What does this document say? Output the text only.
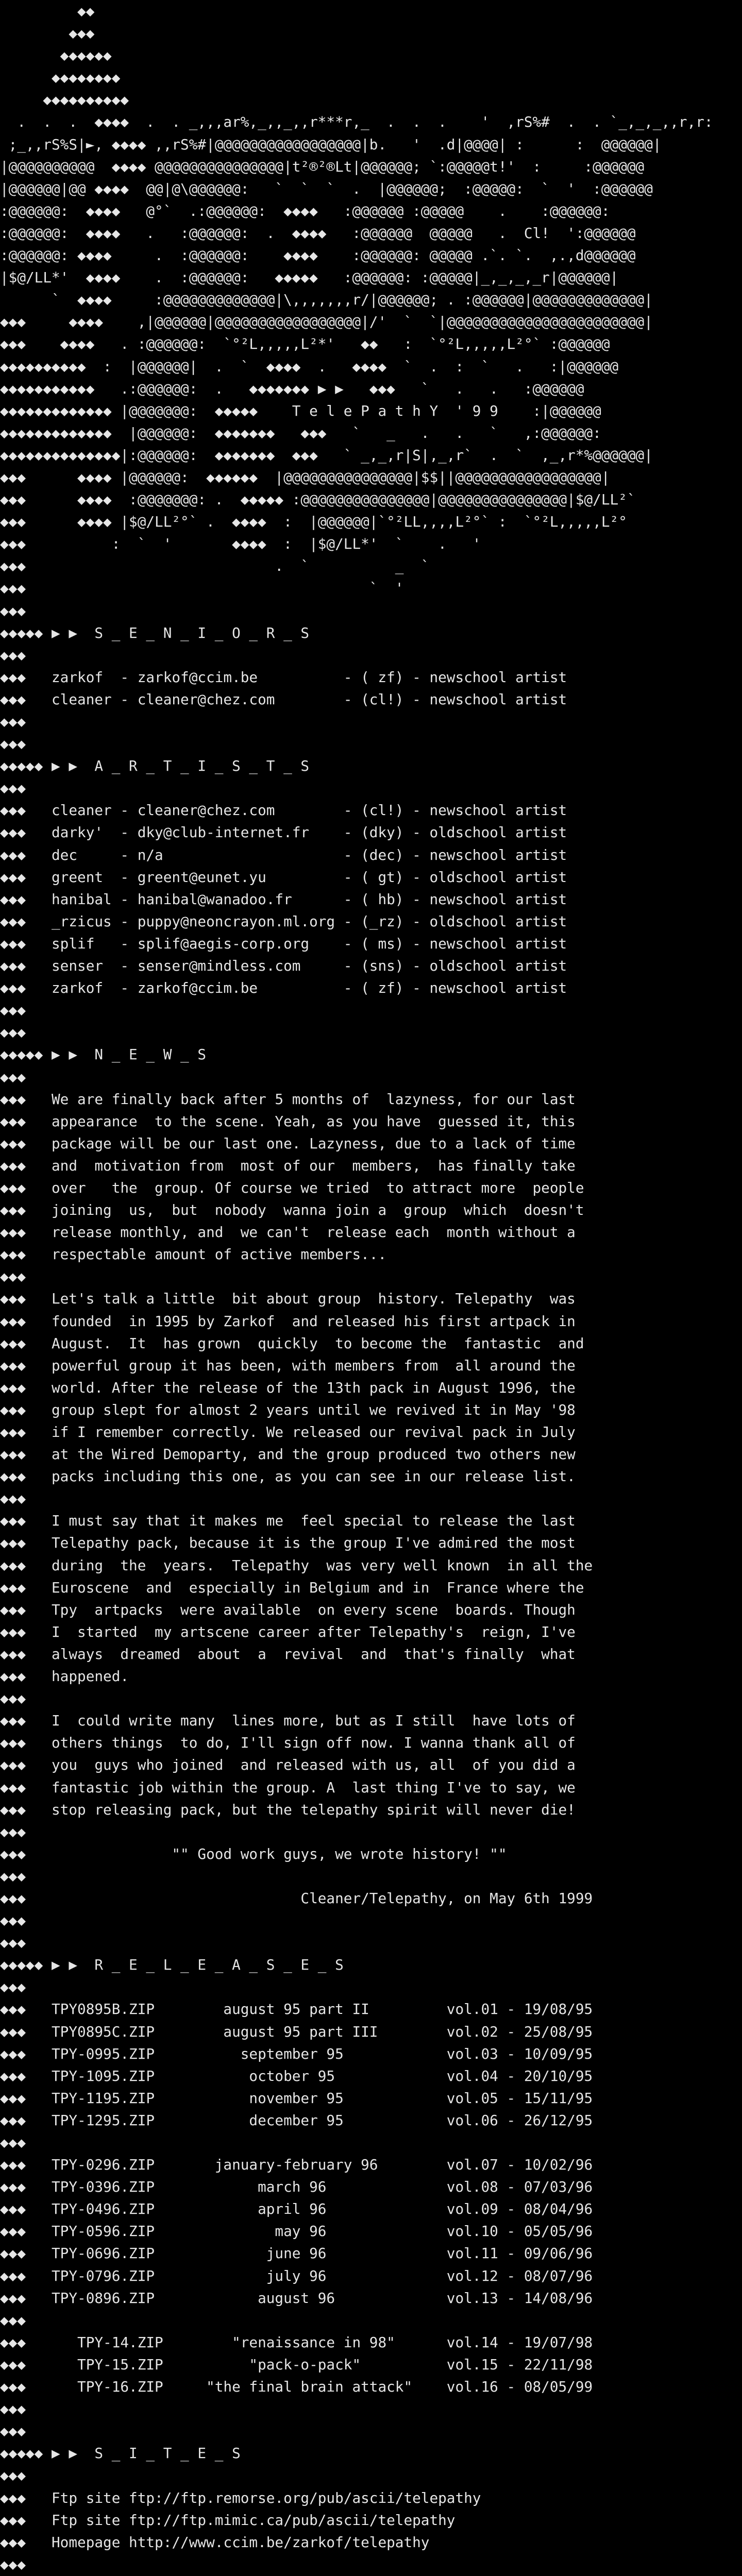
◆◆
◆◆◆
◆◆◆◆◆◆
◆◆◆◆◆◆◆◆
◆◆◆◆◆◆◆◆◆◆
.  .  .  ◆◆◆◆  .  . _,,,ar%,_,,_,,r***r,_  .  .  .    '  ,rS%#  .  . `_,_,_,,r,r:
;_,,rS%S|►, ◆◆◆◆ ,,rS%#|@@@@@@@@@@@@@@@@@|b.   '  .d|@@@@| :      :  @@@@@@|
|@@@@@@@@@@  ◆◆◆◆ @@@@@@@@@@@@@@@|t²®²®Lt|@@@@@@; `:@@@@@t!'  :     :@@@@@@
|@@@@@@|@@ ◆◆◆◆  @@|@\@@@@@@:   `  `  `  .  |@@@@@@;  :@@@@@:  `  '  :@@@@@@
:@@@@@@:  ◆◆◆◆   @°`  .:@@@@@@:  ◆◆◆◆   :@@@@@@ :@@@@@    .    :@@@@@@:
:@@@@@@:  ◆◆◆◆   .   :@@@@@@:  .  ◆◆◆◆   :@@@@@@  @@@@@   .  Cl!  ':@@@@@@
:@@@@@@: ◆◆◆◆     .  :@@@@@@:    ◆◆◆◆    :@@@@@@: @@@@@ .`. `.  ,.,d@@@@@@
|$@/LL*'  ◆◆◆◆    .  :@@@@@@:   ◆◆◆◆◆   :@@@@@@: :@@@@@|_,_,_,_r|@@@@@@|
`  ◆◆◆◆     :@@@@@@@@@@@@@|\,,,,,,,r/|@@@@@@; . :@@@@@@|@@@@@@@@@@@@@|
◆◆◆     ◆◆◆◆    ,|@@@@@@|@@@@@@@@@@@@@@@@@|/'  `  `|@@@@@@@@@@@@@@@@@@@@@@@|
◆◆◆    ◆◆◆◆   . :@@@@@@:  `°²L,,,,,L²*'   ◆◆   :  `°²L,,,,,L²°` :@@@@@@
◆◆◆◆◆◆◆◆◆◆  :  |@@@@@@|  .  `  ◆◆◆◆  .   ◆◆◆◆  `  .  :  `   .   :|@@@@@@
◆◆◆◆◆◆◆◆◆◆◆   .:@@@@@@:  .   ◆◆◆◆◆◆◆ ▶ ▶   ◆◆◆   `   .   .   :@@@@@@
◆◆◆◆◆◆◆◆◆◆◆◆◆ |@@@@@@@:  ◆◆◆◆◆    T e l e P a t h Y  ' 9 9    :|@@@@@@
◆◆◆◆◆◆◆◆◆◆◆◆◆  |@@@@@@:  ◆◆◆◆◆◆◆   ◆◆◆   `   _   .   .   `   ,:@@@@@@:
◆◆◆◆◆◆◆◆◆◆◆◆◆◆|:@@@@@@:  ◆◆◆◆◆◆◆  ◆◆◆   ` _,_,r|S|,_,r`  .  `  ,_,r*%@@@@@@|
◆◆◆      ◆◆◆◆ |@@@@@@:  ◆◆◆◆◆◆  |@@@@@@@@@@@@@@@|$$||@@@@@@@@@@@@@@@@@|
◆◆◆      ◆◆◆◆  :@@@@@@@: .  ◆◆◆◆◆ :@@@@@@@@@@@@@@@|@@@@@@@@@@@@@@@|$@/LL²`
◆◆◆      ◆◆◆◆ |$@/LL²°` .  ◆◆◆◆  :  |@@@@@@|`°²LL,,,,L²°` :  `°²L,,,,,L²°
◆◆◆          :  `  '       ◆◆◆◆  :  |$@/LL*'  `    .   '
◆◆◆                             .  `          _  `
◆◆◆                                        `  '
◆◆◆
◆◆◆◆◆ ▶ ▶  S _ E _ N _ I _ O _ R _ S
◆◆◆
◆◆◆   zarkof  - zarkof@ccim.be          - ( zf) - newschool artist
◆◆◆   cleaner - cleaner@chez.com        - (cl!) - newschool artist
◆◆◆
◆◆◆
◆◆◆◆◆ ▶ ▶  A _ R _ T _ I _ S _ T _ S
◆◆◆
◆◆◆   cleaner - cleaner@chez.com        - (cl!) - newschool artist
◆◆◆   darky'  - dky@club-internet.fr    - (dky) - oldschool artist
◆◆◆   dec     - n/a                     - (dec) - newschool artist
◆◆◆   greent  - greent@eunet.yu         - ( gt) - oldschool artist
◆◆◆   hanibal - hanibal@wanadoo.fr      - ( hb) - newschool artist
◆◆◆   _rzicus - puppy@neoncrayon.ml.org - (_rz) - oldschool artist
◆◆◆   splif   - splif@aegis-corp.org    - ( ms) - newschool artist
◆◆◆   senser  - senser@mindless.com     - (sns) - oldschool artist
◆◆◆   zarkof  - zarkof@ccim.be          - ( zf) - newschool artist
◆◆◆
◆◆◆
◆◆◆◆◆ ▶ ▶  N _ E _ W _ S
◆◆◆
◆◆◆   We are finally back after 5 months of  lazyness, for our last
◆◆◆   appearance  to the scene. Yeah, as you have  guessed it, this
◆◆◆   package will be our last one. Lazyness, due to a lack of time
◆◆◆   and  motivation from  most of our  members,  has finally take
◆◆◆   over   the  group. Of course we tried  to attract more  people
◆◆◆   joining  us,  but  nobody  wanna join a  group  which  doesn't
◆◆◆   release monthly, and  we can't  release each  month without a
◆◆◆   respectable amount of active members...
◆◆◆
◆◆◆   Let's talk a little  bit about group  history. Telepathy  was
◆◆◆   founded  in 1995 by Zarkof  and released his first artpack in
◆◆◆   August.  It  has grown  quickly  to become the  fantastic  and
◆◆◆   powerful group it has been, with members from  all around the
◆◆◆   world. After the release of the 13th pack in August 1996, the
◆◆◆   group slept for almost 2 years until we revived it in May '98
◆◆◆   if I remember correctly. We released our revival pack in July
◆◆◆   at the Wired Demoparty, and the group produced two others new
◆◆◆   packs including this one, as you can see in our release list.
◆◆◆
◆◆◆   I must say that it makes me  feel special to release the last
◆◆◆   Telepathy pack, because it is the group I've admired the most
◆◆◆   during  the  years.  Telepathy  was very well known  in all the
◆◆◆   Euroscene  and  especially in Belgium and in  France where the
◆◆◆   Tpy  artpacks  were available  on every scene  boards. Though
◆◆◆   I  started  my artscene career after Telepathy's  reign, I've
◆◆◆   always  dreamed  about  a  revival  and  that's finally  what
◆◆◆   happened.
◆◆◆
◆◆◆   I  could write many  lines more, but as I still  have lots of
◆◆◆   others things  to do, I'll sign off now. I wanna thank all of
◆◆◆   you  guys who joined  and released with us, all  of you did a
◆◆◆   fantastic job within the group. A  last thing I've to say, we
◆◆◆   stop releasing pack, but the telepathy spirit will never die!
◆◆◆
◆◆◆                 "" Good work guys, we wrote history! ""
◆◆◆
◆◆◆                                Cleaner/Telepathy, on May 6th 1999
◆◆◆
◆◆◆
◆◆◆◆◆ ▶ ▶  R _ E _ L _ E _ A _ S _ E _ S
◆◆◆
◆◆◆   TPY0895B.ZIP        august 95 part II         vol.01 - 19/08/95
◆◆◆   TPY0895C.ZIP        august 95 part III        vol.02 - 25/08/95
◆◆◆   TPY-0995.ZIP          september 95            vol.03 - 10/09/95
◆◆◆   TPY-1095.ZIP           october 95             vol.04 - 20/10/95
◆◆◆   TPY-1195.ZIP           november 95            vol.05 - 15/11/95
◆◆◆   TPY-1295.ZIP           december 95            vol.06 - 26/12/95
◆◆◆
◆◆◆   TPY-0296.ZIP       january-february 96        vol.07 - 10/02/96
◆◆◆   TPY-0396.ZIP            march 96              vol.08 - 07/03/96
◆◆◆   TPY-0496.ZIP            april 96              vol.09 - 08/04/96
◆◆◆   TPY-0596.ZIP              may 96              vol.10 - 05/05/96
◆◆◆   TPY-0696.ZIP             june 96              vol.11 - 09/06/96
◆◆◆   TPY-0796.ZIP             july 96              vol.12 - 08/07/96
◆◆◆   TPY-0896.ZIP            august 96             vol.13 - 14/08/96
◆◆◆
◆◆◆      TPY-14.ZIP        "renaissance in 98"      vol.14 - 19/07/98
◆◆◆      TPY-15.ZIP          "pack-o-pack"          vol.15 - 22/11/98
◆◆◆      TPY-16.ZIP     "the final brain attack"    vol.16 - 08/05/99
◆◆◆
◆◆◆
◆◆◆◆◆ ▶ ▶  S _ I _ T _ E _ S
◆◆◆
◆◆◆   Ftp site ftp://ftp.remorse.org/pub/ascii/telepathy
◆◆◆   Ftp site ftp://ftp.mimic.ca/pub/ascii/telepathy
◆◆◆   Homepage http://www.ccim.be/zarkof/telepathy
◆◆◆
